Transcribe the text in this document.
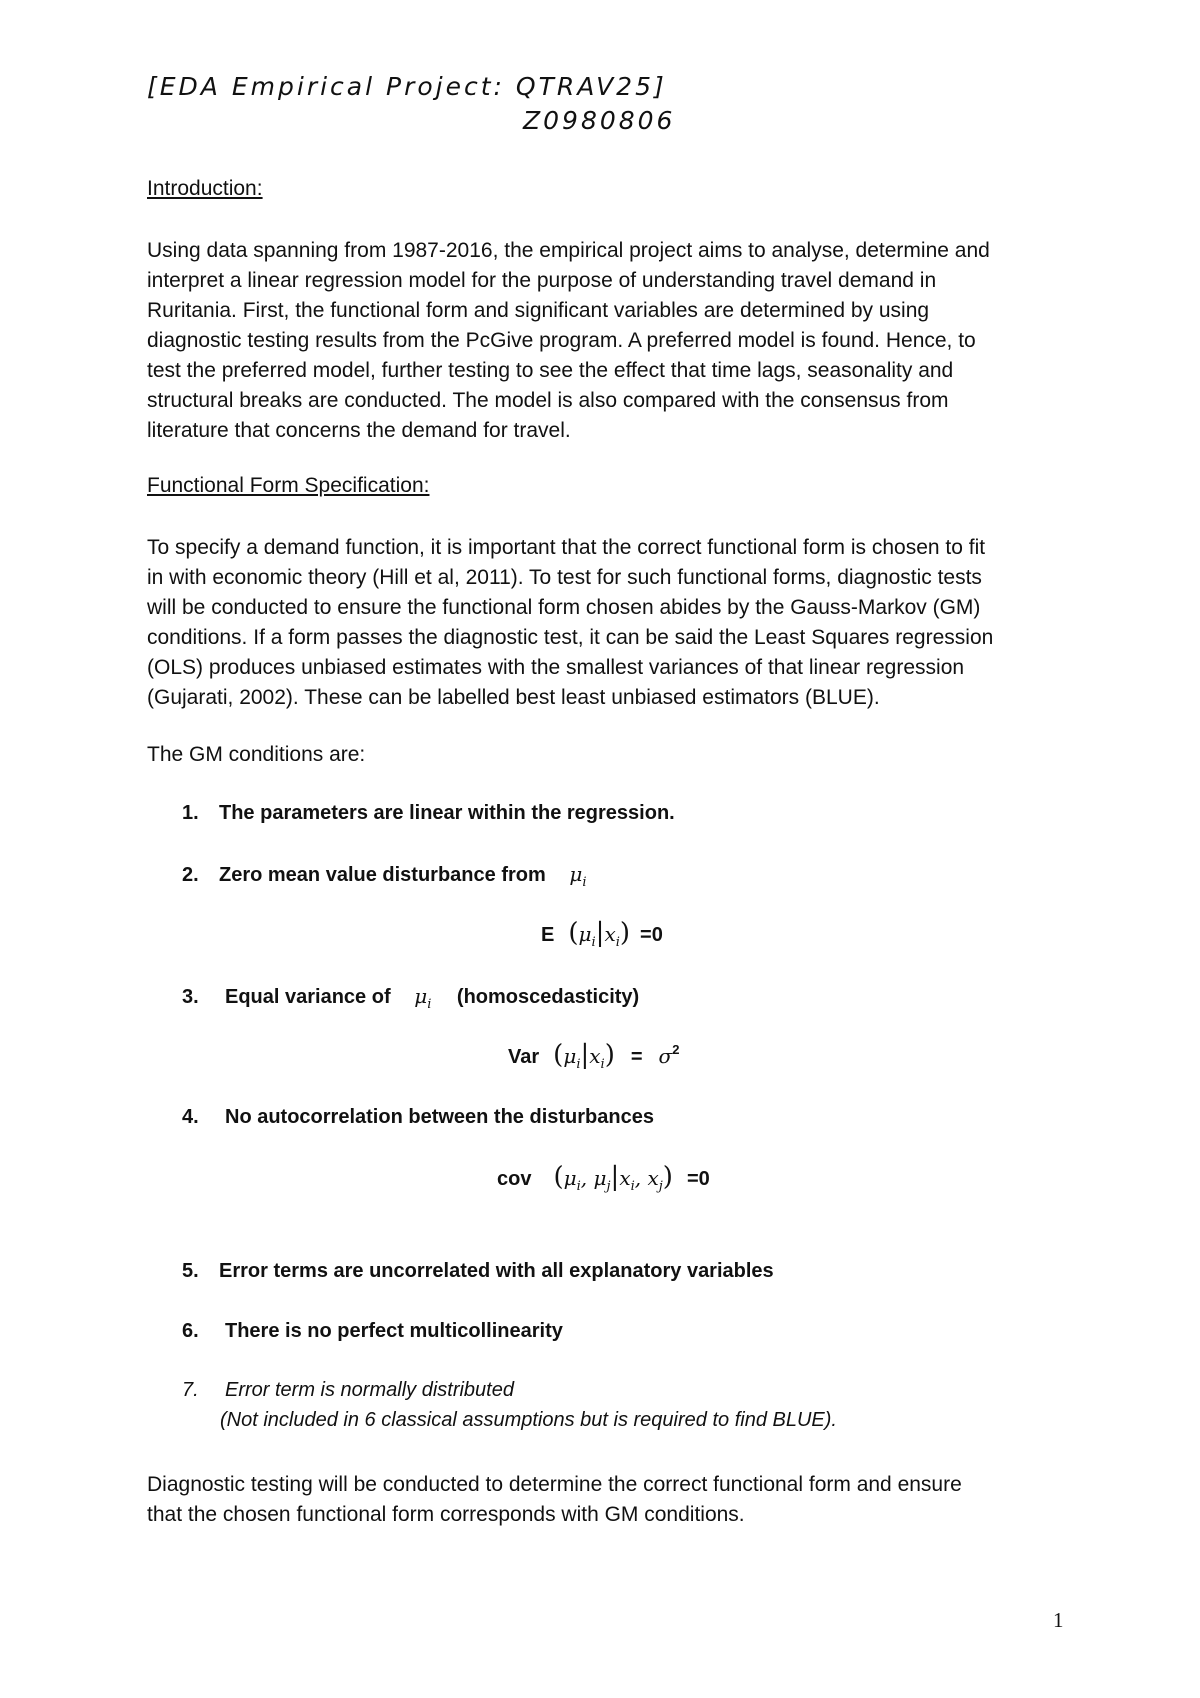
[EDA Empirical Project: QTRAV25]
Z0980806
Introduction:
Using data spanning from 1987-2016, the empirical project aims to analyse, determine and
interpret a linear regression model for the purpose of understanding travel demand in
Ruritania. First, the functional form and significant variables are determined by using
diagnostic testing results from the PcGive program. A preferred model is found. Hence, to
test the preferred model, further testing to see the effect that time lags, seasonality and
structural breaks are conducted. The model is also compared with the consensus from
literature that concerns the demand for travel.
Functional Form Specification:
To specify a demand function, it is important that the correct functional form is chosen to fit
in with economic theory (Hill et al, 2011). To test for such functional forms, diagnostic tests
will be conducted to ensure the functional form chosen abides by the Gauss-Markov (GM)
conditions. If a form passes the diagnostic test, it can be said the Least Squares regression
(OLS) produces unbiased estimates with the smallest variances of that linear regression
(Gujarati, 2002). These can be labelled best least unbiased estimators (BLUE).
The GM conditions are:
1. The parameters are linear within the regression.
2. Zero mean value disturbance from $\mu_i$
E $(\mu_i|x_i) =0$
3. Equal variance of $\mu_i$ (homoscedasticity)
Var $(\mu_i|x_i) = \sigma^2$
4. No autocorrelation between the disturbances
cov ($\mu_i$, $\mu_j|x_i$, $x_j) =0$
5. Error terms are uncorrelated with all explanatory variables
6. There is no perfect multicollinearity
7. Error term is normally distributed
(Not included in 6 classical assumptions but is required to find BLUE).
Diagnostic testing will be conducted to determine the correct functional form and ensure
that the chosen functional form corresponds with GM conditions.
1
